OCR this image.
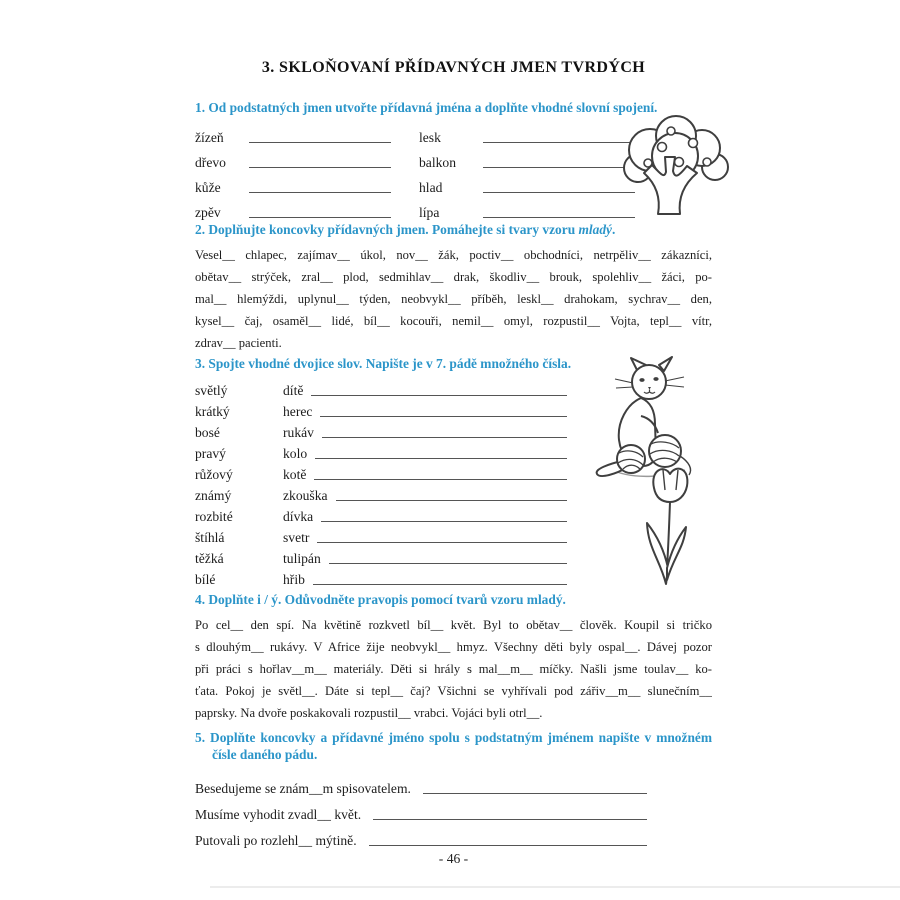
3. SKLOŇOVANÍ PŘÍDAVNÝCH JMEN TVRDÝCH
1. Od podstatných jmen utvořte přídavná jména a doplňte vhodné slovní spojení.
žízeň	lesk
dřevo	balkon
kůže	hlad
zpěv	lípa
2. Doplňujte koncovky přídavných jmen. Pomáhejte si tvary vzoru mladý.
Vesel__ chlapec, zajímav__ úkol, nov__ žák, poctiv__ obchodníci, netrpěliv__ zákazníci,
obětav__ strýček, zral__ plod, sedmihlav__ drak, škodliv__ brouk, spolehliv__ žáci, po-
mal__ hlemýždi, uplynul__ týden, neobvykl__ příběh, leskl__ drahokam, sychrav__ den,
kysel__ čaj, osaměl__ lidé, bíl__ kocouři, nemil__ omyl, rozpustil__ Vojta, tepl__ vítr,
zdrav__ pacienti.
3. Spojte vhodné dvojice slov. Napište je v 7. pádě množného čísla.
světlý	dítě
krátký	herec
bosé	rukáv
pravý	kolo
růžový	kotě
známý	zkouška
rozbité	dívka
štíhlá	svetr
těžká	tulipán
bílé	hřib
4. Doplňte i / ý. Odůvodněte pravopis pomocí tvarů vzoru mladý.
Po cel__ den spí. Na květině rozkvetl bíl__ květ. Byl to obětav__ člověk. Koupil si tričko
s dlouhým__ rukávy. V Africe žije neobvykl__ hmyz. Všechny děti byly ospal__. Dávej pozor
při práci s hořlav__m__ materiály. Děti si hrály s mal__m__ míčky. Našli jsme toulav__ ko-
ťata. Pokoj je světl__. Dáte si tepl__ čaj? Všichni se vyhřívali pod zářiv__m__ slunečním__
paprsky. Na dvoře poskakovali rozpustil__ vrabci. Vojáci byli otrl__.
5. Doplňte koncovky a přídavné jméno spolu s podstatným jménem napište v množném
čísle daného pádu.
Besedujeme se znám__m spisovatelem.
Musíme vyhodit zvadl__ květ.
Putovali po rozlehl__ mýtině.
- 46 -
